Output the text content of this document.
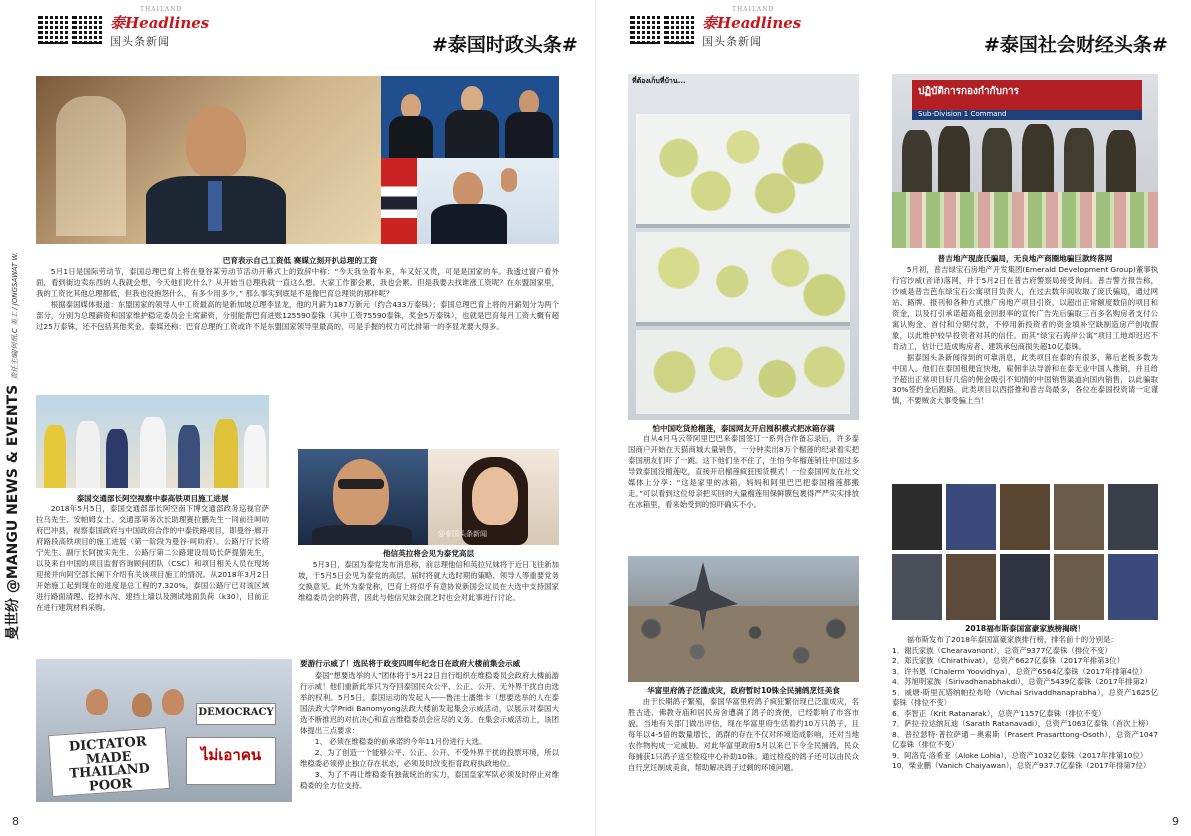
THAILAND
泰Headlines
国头条新闻	#泰国时政头条#
曼世纷 @MANGU NEWS & EVENTS 责任主编/何珉.C 美工 / JONGSAWAT W.	巴育表示自己工资低 赛媒立刻开扒总理的工资

5月1日是国际劳动节，泰国总理巴育上将在曼谷某劳动节活动开幕式上的致辞中称：“今天我坐着车来，车又好又贵，可是是国家的车。我透过窗户看外面，看到街边卖东西的人我就会想，今天他们吃什么？从开始当总理我就一直这么想。大家工作都会累，我也会累。但是我要去找谁涨工资呢？在东盟国家里，我的工资比其他总理都低，但我也没抱怨什么，有多少用多少。” 那么事实到底是不是像巴育总理说的那样呢？

根据泰国媒体报道：东盟国家的领导人中工资最高的是新加坡总理李显龙，他的月薪为187万新元（约合433万泰铢）；泰国总理巴育上将的月薪划分为两个部分，分别为总理薪资和国家维护稳定委员会主席薪资，分别能帮巴育进账125590泰铢（其中工资75590泰铢，奖金5万泰铢），也就是巴育每月工资大概有超过25万泰铢，还不包括其他奖金。泰媒还称：巴育总理的工资或许不是东盟国家领导里最高的，可是手握的权力可比排第一的李显龙要大得多。

泰国交通部长阿空视察中泰高铁项目施工进展

2018年5月5日，泰国交通部部长阿空南下博交通部政务巡视官萨拉乌先生、安帕姆女士、交通部第务次长助理赛拉鹏先生一同前往呵叻府巴冲县，视察泰国政府与中国政府合作的中泰铁路项目，即曼谷-廊开府路段高铁项目的施工进展（第一阶段为曼谷-呵叻府）。公路厅厅长塔宁先生、副厅长阿披实先生、公路厅第二公路建设局局长萨提猜先生，以及来自中国的项目监督咨询顾问团队（CSC）和项目相关人员在现场迎接并向阿空部长阐下介绍有关该项目施工的情况。从2018年3月2日开始施工起到现在的进度是总工程的7.320%，泰国公路厅已对该区域进行路面清理、挖掉水沟、建挡土墙以及测试地面负荷（k30），目前正在进行建筑材料采购。

@泰国头条新闻
他信英拉将会见为泰党高层

5月3日，泰国为泰党发布消息称，前总理他信和英拉兄妹将于近日飞往新加坡，于5月5日会见为泰党的高层，届时将就大选时期的策略、领导人等重要党务交换意见。此外为泰党称，巴育上将似乎有意协说新国会议员在大选中支持国家维稳委员会的阵营，因此与他信兄妹会面之时也会对此事进行讨论。

DICTATOR MADE THAILAND POOR
ไม่เอาคน
DEMOCRACY
要游行示威了！选民将于政变四周年纪念日在政府大楼前集会示威

泰国“想要选举的人”团体将于5月22日自行组织在维稳委员会政府大楼前游行示威！他们重新此举只为夺回泰国民众公平、公正、公开、无外界干扰自由选举的权利。5月5日，泰国运动的发起人——鲁洼士潘维卡（想要选举的人在泰国法政大学Pridi Banomyong法政大楼前发起集会示威活动，以展示对泰国大选不断推迟的对抗决心和直言维稳委员会应尽的义务。在集会示威活动上，该团体提出三点要求：

1、 必须在维稳委的前承诺的今年11月份进行大选。

2、为了创造一个能够公平、公正、公开、不受外界干扰的投票环境，所以维稳委必须停止独立存在状态，必须及时改变拒育政府执政地位。

3、为了不再让维稳委有独裁统治的实力，泰国皇家军队必须及时停止对维稳委的全方位支持。

8
THAILAND
泰Headlines
国头条新闻	#泰国社会财经头条#
ที่ต้องเก็บที่บ้าน...
怕中国吃货抢榴莲，泰国网友开启囤积模式把冰箱存满

自从4月马云带阿里巴巴来泰国签订一系列合作备忘录后，许多泰国商户开始在天猫商城大量销售，一分钟卖出8万个榴莲的纪录着实把泰国朋友们吓了一跳。这下他们坐不住了，生怕今年榴莲销往中国过多导致泰国没榴莲吃，直接开启榴莲疯狂囤货模式！一位泰国网友在社交媒体上分享：“这是家里的冰箱，妈妈和阿里巴巴把泰国榴莲都搬走。”可以看到这位母亲把买回的大量榴莲用保鲜膜包裹得严严实实排放在冰箱里，看来始受到的惊吓确实不小。

华富里府鸽子泛滥成灾，政府暂时10铢全民捕鸽烹饪美食

由于长期鸽子繁殖，泰国华富里府鸽子疯狂繁衍现已泛滥成灾，名胜古迹、佛教寺庙和居民房舍遭满了鸽子的粪便，已经影响了市容市貌。当地有关部门做出评估，现在华富里府生活着约10万只鸽子，且每年以4-5倍的数量增长，鸽群的存在不仅对环境造成影响，还对当地农作物构成一定威胁。对此华富里政府5月以来已下令全民捕鸽，民众每捕获1只鸽子送至检疫中心补助10铢。通过检疫的鸽子还可以由民众自行烹饪制成美食，帮助解决鸽子过剩的环境问题。

ปฏิบัติการกองกำกับการ
Sub-Division 1 Command
普吉地产现庞氏骗局，无良地产商圈地骗巨款终落网

5月初，普吉绿宝石房地产开发集团(Emerald Development Group)董事执行官沙威(音译)落网，并于5月2日在普吉府警察局接受询问。普吉警方报告称，沙威是普吉芭东绿宝石公寓项目负责人，在过去数年间收取了庞氏骗局，通过网站、路牌、报刊和各种方式推广房地产项目引资，以超出正常额度数倍的项目和资金，以及打引承诺超高租金回报率的宣传广告先后骗取三百多名购房者支付公寓认购金、首付和分期付款，不停用新投资者的资金填补空缺制造房产创收假象，以此维护较早投资者对其的信任。而其“绿宝石海岸公寓”项目工地却迟迟不肯动工，估计已造成购房者、建筑承包商损失超10亿泰铢。

据泰国头条新闻得到的可靠消息，此类项目在泰的有很多，幕后老板多数为中国人。他们在泰国租便宜快地，雇佣非法导游和在泰无业中国人推销，并且给予超出正常项目好几倍的佣金吸引不知情的中国销售渠道向国内销售，以此骗取30%签约金后跑路。此类项目以西搭推和普吉岛最多，各位在泰国投资请一定谨慎，不要贼贪大事受骗上当！

2018福布斯泰国富豪家族榜揭晓！

福布斯发布了2018年泰国富豪家族排行榜，排名前十的分别是：

1．谢氏家族（Chearavanont），总资产9377亿泰铢（排位不变）
2．郑氏家族（Chirathivat），总资产6627亿泰铢（2017年排第3位）
3．许书恩（Chalerm Yoovidhya），总资产6564亿泰铢（2017年排第4位）
4．苏旭明家族（Sirivadhanabhakdi），总资产5439亿泰铢（2017年排第2）
5．威塘·斯里瓦塔纳帕拉布哈（Vichai Srivaddhanaprabha），总资产1625亿泰铢（排位不变）
6．李智正（Krit Ratanarak），总资产1157亿泰铢（排位不变）
7．萨拉·拉达纳瓦迪（Sarath Ratanavadi），总资产1063亿泰铢（首次上榜）
8．普拉瑟特·普拉萨通－奥索斯（Prasert Prasarttong-Osoth），总资产1047亿泰铢（排位不变）
9．阿洛克·洛希亚（Aloke Lohia），总资产1032亿泰铢（2017年排第10位）
10．柴业鹏（Vanich Chaiyawan），总资产937.7亿泰铢（2017年排第7位）
9
